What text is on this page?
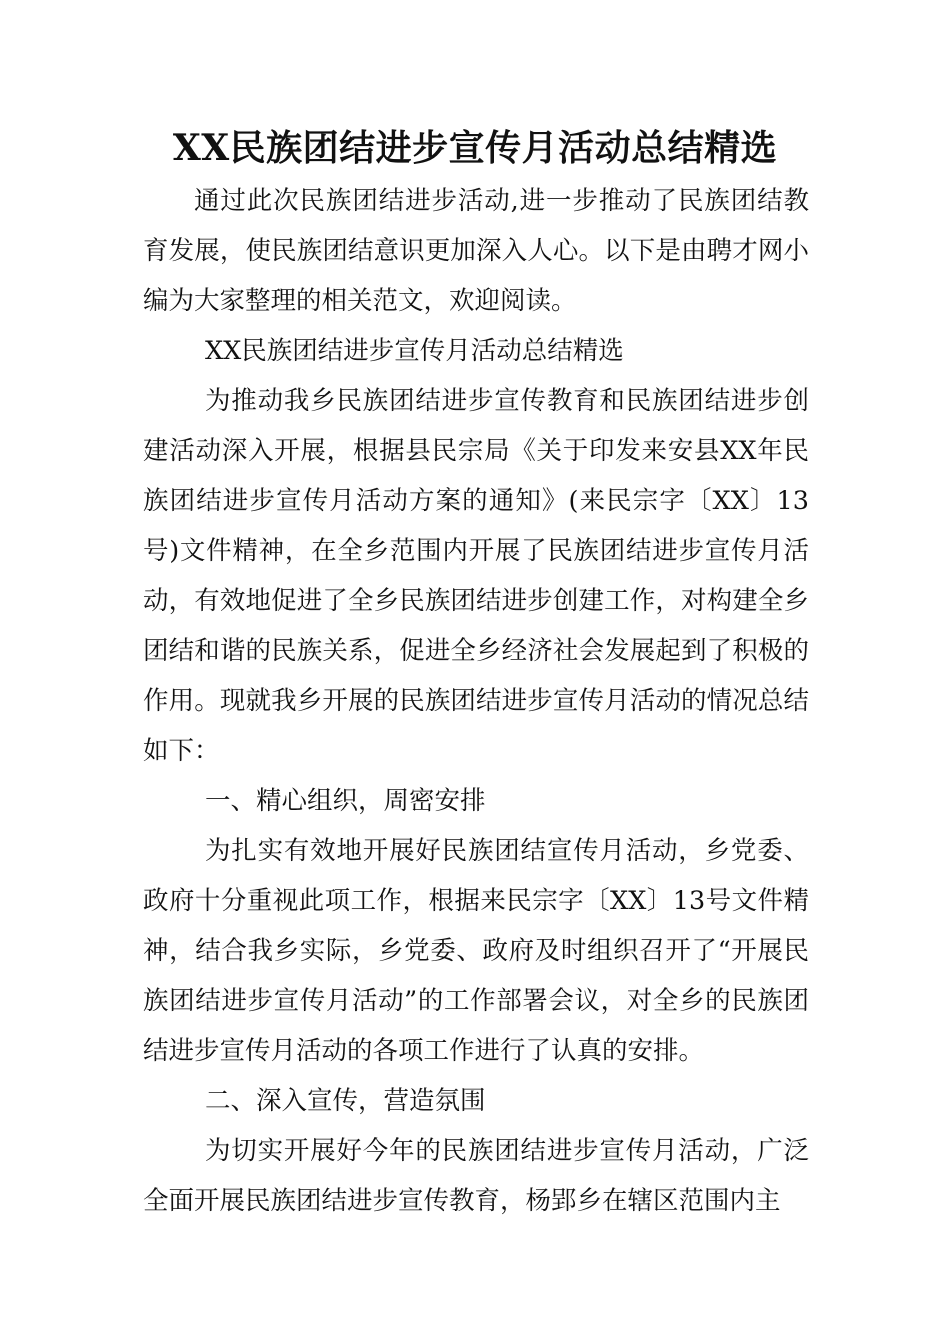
XX民族团结进步宣传月活动总结精选

通过此次民族团结进步活动,进一步推动了民族团结教育发展，使民族团结意识更加深入人心。以下是由聘才网小编为大家整理的相关范文，欢迎阅读。

XX民族团结进步宣传月活动总结精选

为推动我乡民族团结进步宣传教育和民族团结进步创建活动深入开展，根据县民宗局《关于印发来安县XX年民族团结进步宣传月活动方案的通知》(来民宗字〔XX〕13号)文件精神，在全乡范围内开展了民族团结进步宣传月活动，有效地促进了全乡民族团结进步创建工作，对构建全乡团结和谐的民族关系，促进全乡经济社会发展起到了积极的作用。现就我乡开展的民族团结进步宣传月活动的情况总结如下：

一、精心组织，周密安排

为扎实有效地开展好民族团结宣传月活动，乡党委、政府十分重视此项工作，根据来民宗字〔XX〕13号文件精神，结合我乡实际，乡党委、政府及时组织召开了“开展民族团结进步宣传月活动”的工作部署会议，对全乡的民族团结进步宣传月活动的各项工作进行了认真的安排。

二、深入宣传，营造氛围

为切实开展好今年的民族团结进步宣传月活动，广泛全面开展民族团结进步宣传教育，杨郢乡在辖区范围内主
